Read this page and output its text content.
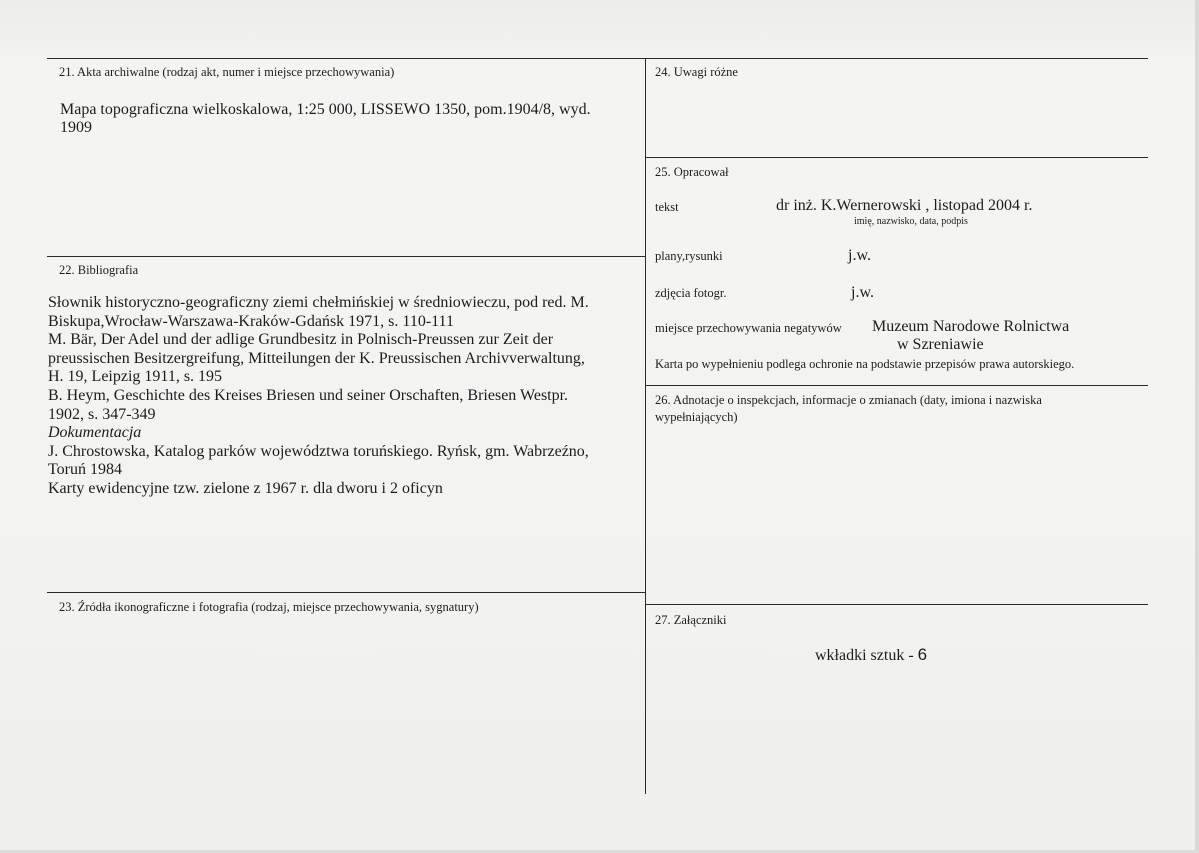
21. Akta archiwalne (rodzaj akt, numer i miejsce przechowywania)
Mapa topograficzna wielkoskalowa, 1:25 000, LISSEWO 1350, pom.1904/8, wyd.
1909
22. Bibliografia

Słownik historyczno-geograficzny ziemi chełmińskiej w średniowieczu, pod red. M.

Biskupa,Wrocław-Warszawa-Kraków-Gdańsk 1971, s. 110-111

M. Bär, Der Adel und der adlige Grundbesitz in Polnisch-Preussen zur Zeit der

preussischen Besitzergreifung, Mitteilungen der K. Preussischen Archivverwaltung,

H. 19, Leipzig 1911, s. 195

B. Heym, Geschichte des Kreises Briesen und seiner Orschaften, Briesen Westpr.

1902, s. 347-349

Dokumentacja

J. Chrostowska, Katalog parków województwa toruńskiego. Ryńsk, gm. Wabrzeźno,

Toruń 1984

Karty ewidencyjne tzw. zielone z 1967 r. dla dworu i 2 oficyn

23. Źródła ikonograficzne i fotografia (rodzaj, miejsce przechowywania, sygnatury)
24. Uwagi różne
25. Opracował
tekst	dr inż. K.Wernerowski , listopad 2004 r.
imię, nazwisko, data, podpis
plany,rysunki	j.w.
zdjęcia fotogr.	j.w.
miejsce przechowywania negatywów Muzeum Narodowe Rolnictwa
w Szreniawie
Karta po wypełnieniu podlega ochronie na podstawie przepisów prawa autorskiego.
26. Adnotacje o inspekcjach, informacje o zmianach (daty, imiona i nazwiska
wypełniających)
27. Załączniki
wkładki sztuk - 6
